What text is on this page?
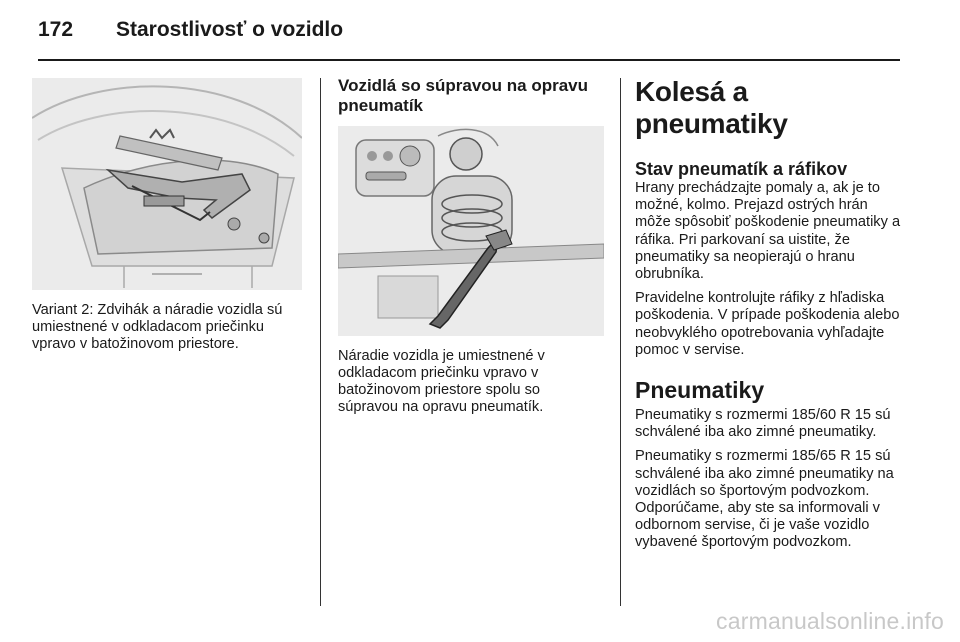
172 Starostlivosť o vozidlo

Variant 2: Zdvihák a náradie vozidla sú umiestnené v odkladacom priečinku vpravo v batožinovom priestore.

Vozidlá so súpravou na opravu pneumatík

Náradie vozidla je umiestnené v odkladacom priečinku vpravo v batožinovom priestore spolu so súpravou na opravu pneumatík.

Kolesá a pneumatiky
Stav pneumatík a ráfikov

Hrany prechádzajte pomaly a, ak je to možné, kolmo. Prejazd ostrých hrán môže spôsobiť poškodenie pneumatiky a ráfika. Pri parkovaní sa uistite, že pneumatiky sa neopierajú o hranu obrubníka.

Pravidelne kontrolujte ráfiky z hľadiska poškodenia. V prípade poškodenia alebo neobvyklého opotrebovania vyhľadajte pomoc v servise.

Pneumatiky

Pneumatiky s rozmermi 185/60 R 15 sú schválené iba ako zimné pneumatiky.

Pneumatiky s rozmermi 185/65 R 15 sú schválené iba ako zimné pneumatiky na vozidlách so športovým podvozkom.

Odporúčame, aby ste sa informovali v odbornom servise, či je vaše vozidlo vybavené športovým podvozkom.

carmanualsonline.info
